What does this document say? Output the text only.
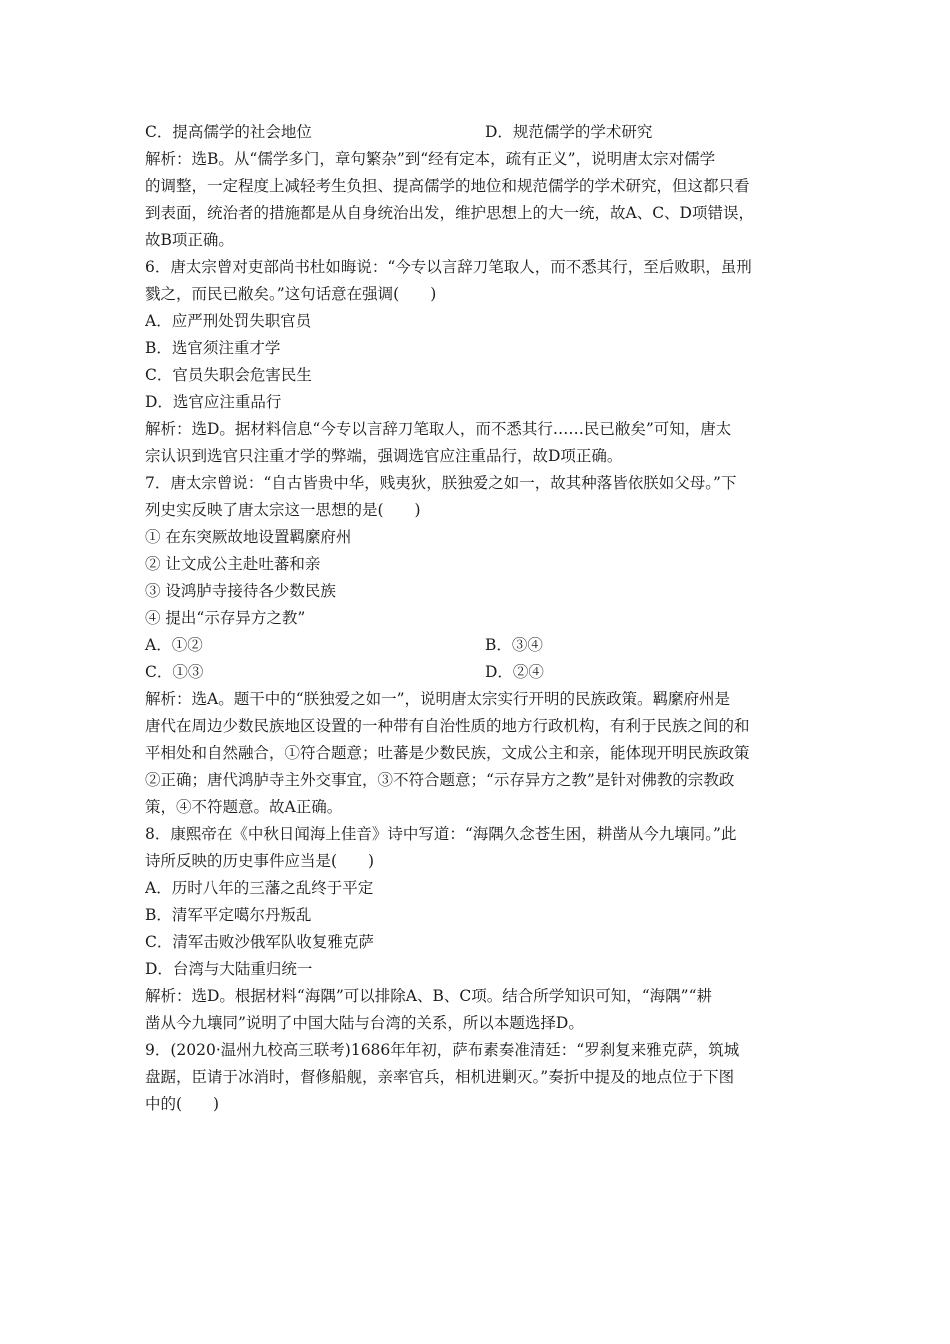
C．提高儒学的社会地位	D．规范儒学的学术研究
解析：选B。从“儒学多门，章句繁杂”到“经有定本，疏有正义”，说明唐太宗对儒学
的调整，一定程度上减轻考生负担、提高儒学的地位和规范儒学的学术研究，但这都只看
到表面，统治者的措施都是从自身统治出发，维护思想上的大一统，故A、C、D项错误，
故B项正确。
6．唐太宗曾对吏部尚书杜如晦说：“今专以言辞刀笔取人，而不悉其行，至后败职，虽刑
戮之，而民已敝矣。”这句话意在强调(　　)
A．应严刑处罚失职官员
B．选官须注重才学
C．官员失职会危害民生
D．选官应注重品行
解析：选D。据材料信息“今专以言辞刀笔取人，而不悉其行……民已敝矣”可知，唐太
宗认识到选官只注重才学的弊端，强调选官应注重品行，故D项正确。
7．唐太宗曾说：“自古皆贵中华，贱夷狄，朕独爱之如一，故其种落皆依朕如父母。”下
列史实反映了唐太宗这一思想的是(　　)
① 在东突厥故地设置羁縻府州
② 让文成公主赴吐蕃和亲
③ 设鸿胪寺接待各少数民族
④ 提出“示存异方之教”
A．①②	B．③④
C．①③	D．②④
解析：选A。题干中的“朕独爱之如一”，说明唐太宗实行开明的民族政策。羁縻府州是
唐代在周边少数民族地区设置的一种带有自治性质的地方行政机构，有利于民族之间的和
平相处和自然融合，①符合题意；吐蕃是少数民族，文成公主和亲，能体现开明民族政策
②正确；唐代鸿胪寺主外交事宜，③不符合题意；“示存异方之教”是针对佛教的宗教政
策，④不符题意。故A正确。
8．康熙帝在《中秋日闻海上佳音》诗中写道：“海隅久念苍生困，耕凿从今九壤同。”此
诗所反映的历史事件应当是(　　)
A．历时八年的三藩之乱终于平定
B．清军平定噶尔丹叛乱
C．清军击败沙俄军队收复雅克萨
D．台湾与大陆重归统一
解析：选D。根据材料“海隅”可以排除A、B、C项。结合所学知识可知，“海隅”“耕
凿从今九壤同”说明了中国大陆与台湾的关系，所以本题选择D。
9．(2020·温州九校高三联考)1686年年初，萨布素奏准清廷：“罗刹复来雅克萨，筑城
盘踞，臣请于冰消时，督修船舰，亲率官兵，相机进剿灭。”奏折中提及的地点位于下图
中的(　　)
